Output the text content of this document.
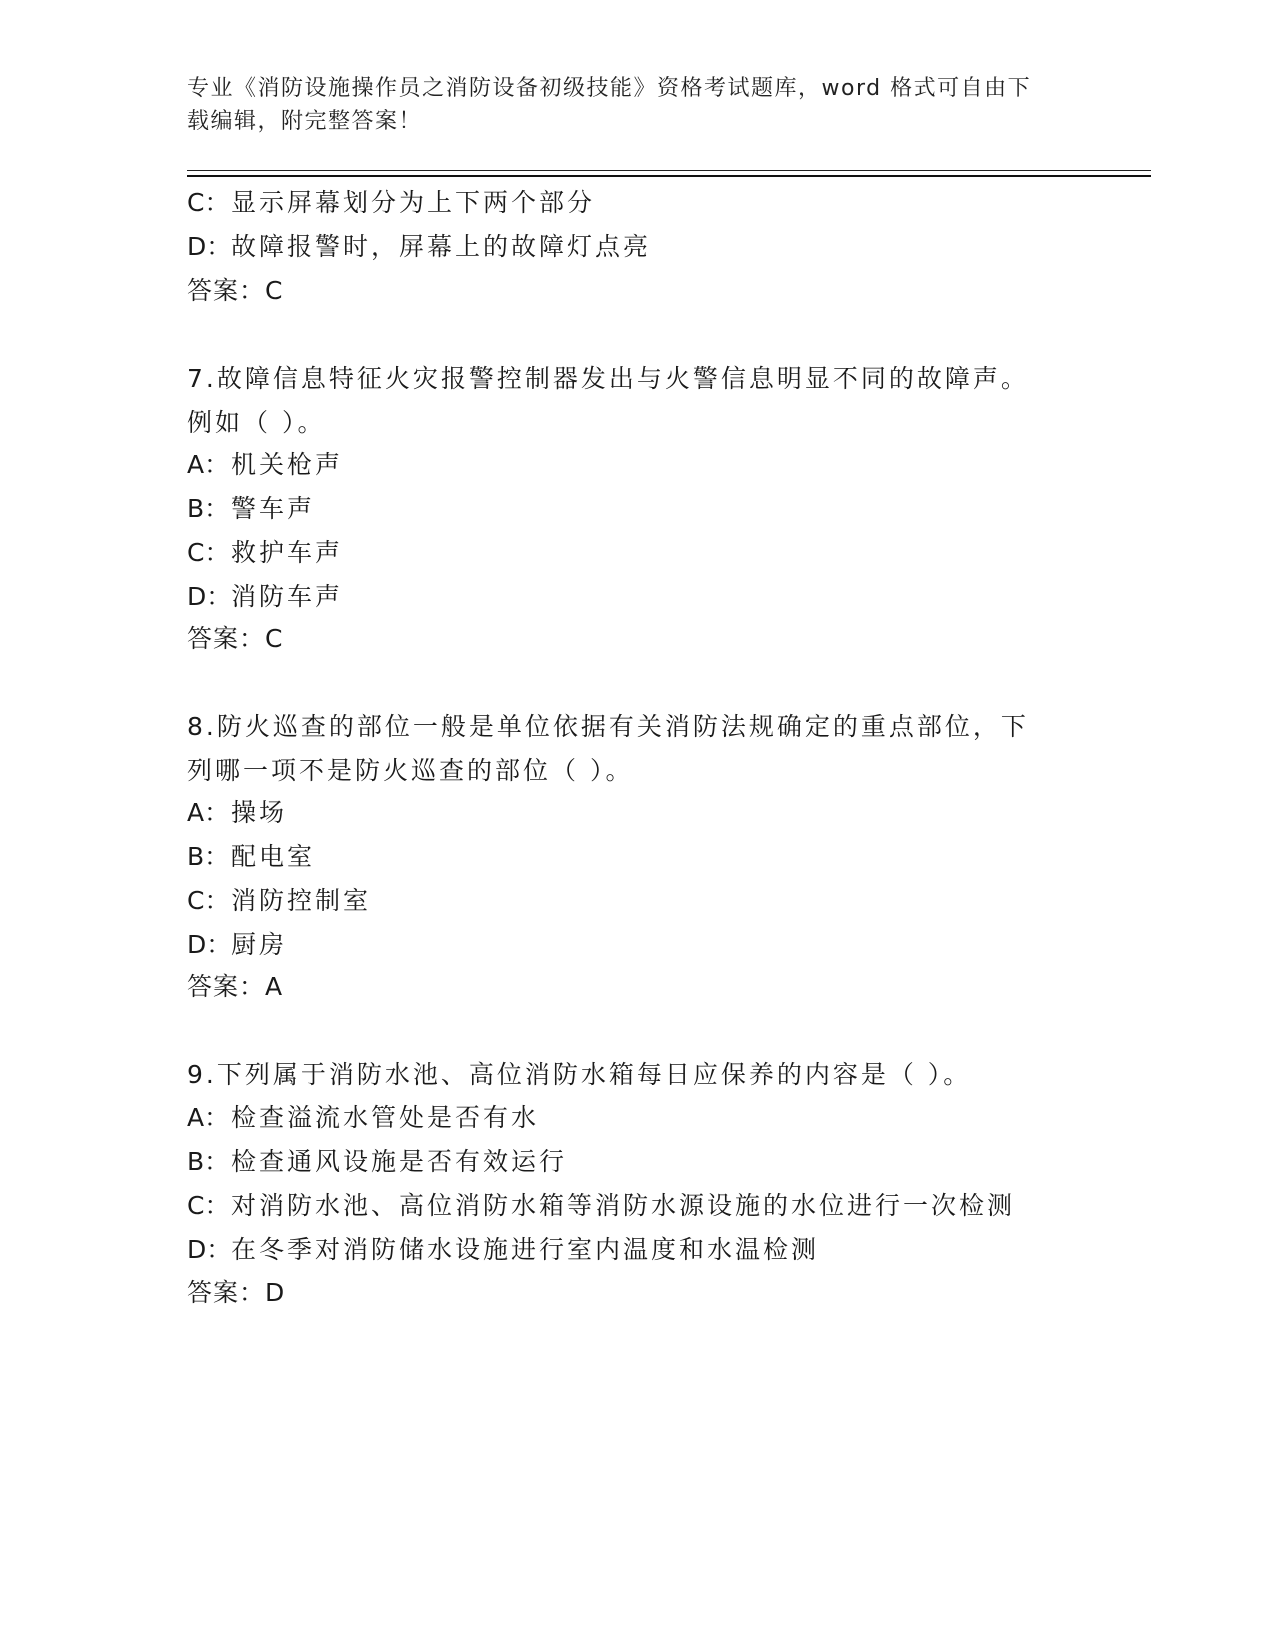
专业《消防设施操作员之消防设备初级技能》资格考试题库，word 格式可自由下
载编辑，附完整答案！
C：显示屏幕划分为上下两个部分
D：故障报警时，屏幕上的故障灯点亮
答案：C
7.故障信息特征火灾报警控制器发出与火警信息明显不同的故障声。
例如（ ）。
A：机关枪声
B：警车声
C：救护车声
D：消防车声
答案：C
8.防火巡查的部位一般是单位依据有关消防法规确定的重点部位，下
列哪一项不是防火巡查的部位（ ）。
A：操场
B：配电室
C：消防控制室
D：厨房
答案：A
9.下列属于消防水池、高位消防水箱每日应保养的内容是（ ）。
A：检查溢流水管处是否有水
B：检查通风设施是否有效运行
C：对消防水池、高位消防水箱等消防水源设施的水位进行一次检测
D：在冬季对消防储水设施进行室内温度和水温检测
答案：D
